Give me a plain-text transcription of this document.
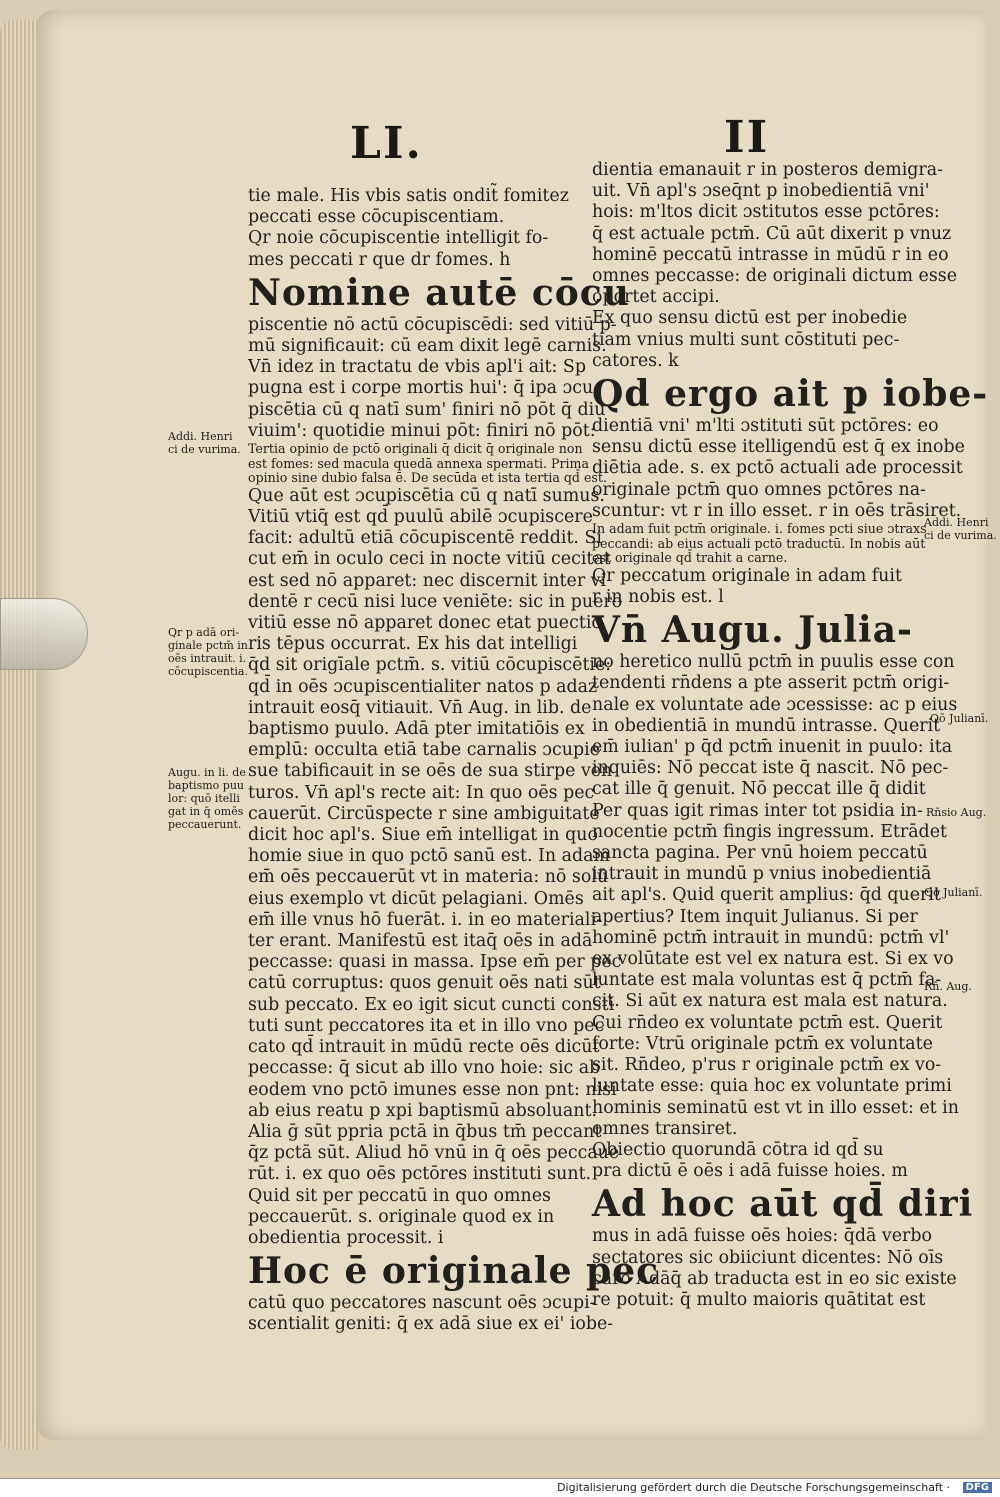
LI.	II
tie male. His vbis satis ondit̃ fomitez
peccati esse cōcupiscentiam.
Qr noie cōcupiscentie intelligit fo-
mes peccati r que dr fomes. h
Nomine autē cōcu
piscentie nō actū cōcupiscēdi: sed vitiū p-
mū significauit: cū eam dixit legē carnis.
Vn̄ idez in tractatu de vbis apl'i ait: Sp
pugna est i corpe mortis hui': q̄ ipa ɔcu
piscētia cū q natī sum' finiri nō pōt q̄ diu
viuim': quotidie minui pōt: finiri nō pōt:
Tertia opinio de pctō originali q̄ dicit q̄ originale non
est fomes: sed macula quedā annexa spermati. Prima
opinio sine dubio falsa ē. De secūda et ista tertia qd̄ est.
Que aūt est ɔcupiscētia cū q natī sumus.
Vitiū vtiq̄ est qd̄ puulū abilē ɔcupiscere
facit: adultū etiā cōcupiscentē reddit. Si
cut em̄ in oculo ceci in nocte vitiū cecitat
est sed nō apparet: nec discernit inter vi
dentē r cecū nisi luce veniēte: sic in puero
vitiū esse nō apparet donec etat puectio
ris tēpus occurrat. Ex his dat intelligi
q̄d sit origīale pctm̄. s. vitiū cōcupiscētie:
qd̄ in oēs ɔcupiscentialiter natos p adaz
intrauit eosq̄ vitiauit. Vn̄ Aug. in lib. de
baptismo puulo. Adā pter imitatiōis ex
emplū: occulta etiā tabe carnalis ɔcupie
sue tabificauit in se oēs de sua stirpe ven
turos. Vn̄ apl's recte ait: In quo oēs pec
cauerūt. Circūspecte r sine ambiguitate
dicit hoc apl's. Siue em̄ intelligat in quo
homie siue in quo pctō sanū est. In adam
em̄ oēs peccauerūt vt in materia: nō solū
eius exemplo vt dicūt pelagiani. Omēs
em̄ ille vnus hō fuerāt. i. in eo materiali-
ter erant. Manifestū est itaq̄ oēs in adā
peccasse: quasi in massa. Ipse em̄ per pec
catū corruptus: quos genuit oēs nati sūt
sub peccato. Ex eo igit sicut cuncti consti
tuti sunt peccatores ita et in illo vno pec
cato qd̄ intrauit in mūdū recte oēs dicūt
peccasse: q̄ sicut ab illo vno hoie: sic ab
eodem vno pctō imunes esse non pnt: nisi
ab eius reatu p xpi baptismū absoluant.
Alia ḡ sūt ppria pctā in q̄bus tm̄ peccant
q̄z pctā sūt. Aliud hō vnū in q̄ oēs peccaue
rūt. i. ex quo oēs pctōres instituti sunt.
Quid sit per peccatū in quo omnes
peccauerūt. s. originale quod ex in
obedientia processit. i
Hoc ē originale pec
catū quo peccatores nascunt oēs ɔcupi-
scentialit geniti: q̄ ex adā siue ex ei' iobe-
dientia emanauit r in posteros demigra-
uit. Vn̄ apl's ɔseq̄nt p inobedientiā vni'
hois: m'ltos dicit ɔstitutos esse pctōres:
q̄ est actuale pctm̄. Cū aūt dixerit p vnuz
hominē peccatū intrasse in mūdū r in eo
omnes peccasse: de originali dictum esse
oportet accipi.
Ex quo sensu dictū est per inobedie
tiam vnius multi sunt cōstituti pec-
catores. k
Qd ergo ait p iobe-
dientiā vni' m'lti ɔstituti sūt pctōres: eo
sensu dictū esse itelligendū est q̄ ex inobe
diētia ade. s. ex pctō actuali ade processit
originale pctm̄ quo omnes pctōres na-
scuntur: vt r in illo esset. r in oēs trāsiret.
In adam fuit pctm̄ originale. i. fomes pcti siue ɔtraxs
peccandi: ab eius actuali pctō traductū. In nobis aūt
est originale qd̄ trahit a carne.
Qr peccatum originale in adam fuit
r in nobis est. l
Vn̄ Augu. Julia-
no heretico nullū pctm̄ in puulis esse con
tendenti rn̄dens a pte asserit pctm̄ origi-
nale ex voluntate ade ɔcessisse: ac p eius
in obedientiā in mundū intrasse. Querit
em̄ iulian' p q̄d pctm̄ inuenit in puulo: ita
inquiēs: Nō peccat iste q̄ nascit. Nō pec-
cat ille q̄ genuit. Nō peccat ille q̄ didit
Per quas igit rimas inter tot psidia in-
nocentie pctm̄ fingis ingressum. Etrādet
sancta pagina. Per vnū hoiem peccatū
intrauit in mundū p vnius inobedientiā
ait apl's. Quid querit amplius: q̄d querit
apertius? Item inquit Julianus. Si per
hominē pctm̄ intrauit in mundū: pctm̄ vl'
ex volūtate est vel ex natura est. Si ex vo
luntate est mala voluntas est q̄ pctm̄ fa-
cit. Si aūt ex natura est mala est natura.
Cui rn̄deo ex voluntate pctm̄ est. Querit
forte: Vtrū originale pctm̄ ex voluntate
sit. Rn̄deo, p'rus r originale pctm̄ ex vo-
luntate esse: quia hoc ex voluntate primi
hominis seminatū est vt in illo esset: et in
omnes transiret.
Obiectio quorundā cōtra id qd̄ su
pra dictū ē oēs i adā fuisse hoies. m
Ad hoc aūt qd̄ diri
mus in adā fuisse oēs hoies: q̄dā verbo
sectatores sic obiiciunt dicentes: Nō oīs
caro Adāq̄ ab traducta est in eo sic existe
re potuit: q̄ multo maioris quātitat est
Addi. Henri
ci de vurima.
Qr p adā ori-
ginale pctm̄ in
oēs intrauit. i.
cōcupiscentia.
Augu. in li. de
baptismo puu
lor: quō itelli
gat in q̄ omēs
peccauerunt.
Addi. Henri
ci de vurima.
Qō Julianī.
Rn̄sio Aug.
Qō Julianī.
Rn̄. Aug.
Digitalisierung gefördert durch die Deutsche Forschungsgemeinschaft ·	DFG
